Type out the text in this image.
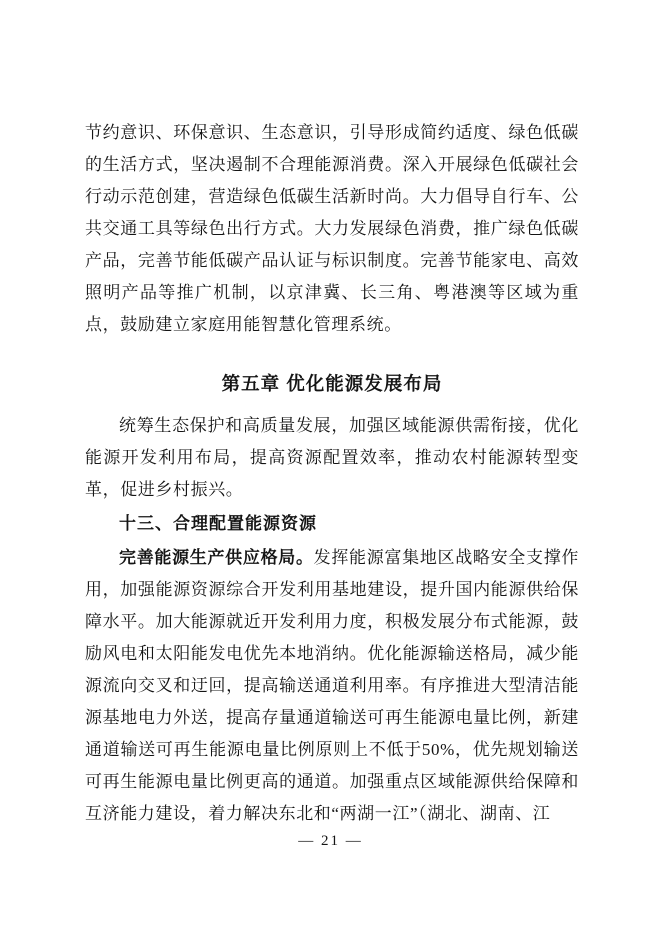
节约意识、环保意识、生态意识，引导形成简约适度、绿色低碳的生活方式，坚决遏制不合理能源消费。深入开展绿色低碳社会行动示范创建，营造绿色低碳生活新时尚。大力倡导自行车、公共交通工具等绿色出行方式。大力发展绿色消费，推广绿色低碳产品，完善节能低碳产品认证与标识制度。完善节能家电、高效照明产品等推广机制，以京津冀、长三角、粤港澳等区域为重点，鼓励建立家庭用能智慧化管理系统。

第五章 优化能源发展布局

统筹生态保护和高质量发展，加强区域能源供需衔接，优化能源开发利用布局，提高资源配置效率，推动农村能源转型变革，促进乡村振兴。

十三、合理配置能源资源

完善能源生产供应格局。发挥能源富集地区战略安全支撑作用，加强能源资源综合开发利用基地建设，提升国内能源供给保障水平。加大能源就近开发利用力度，积极发展分布式能源，鼓励风电和太阳能发电优先本地消纳。优化能源输送格局，减少能源流向交叉和迂回，提高输送通道利用率。有序推进大型清洁能源基地电力外送，提高存量通道输送可再生能源电量比例，新建通道输送可再生能源电量比例原则上不低于50%，优先规划输送可再生能源电量比例更高的通道。加强重点区域能源供给保障和互济能力建设，着力解决东北和“两湖一江”（湖北、湖南、江

— 21 —
